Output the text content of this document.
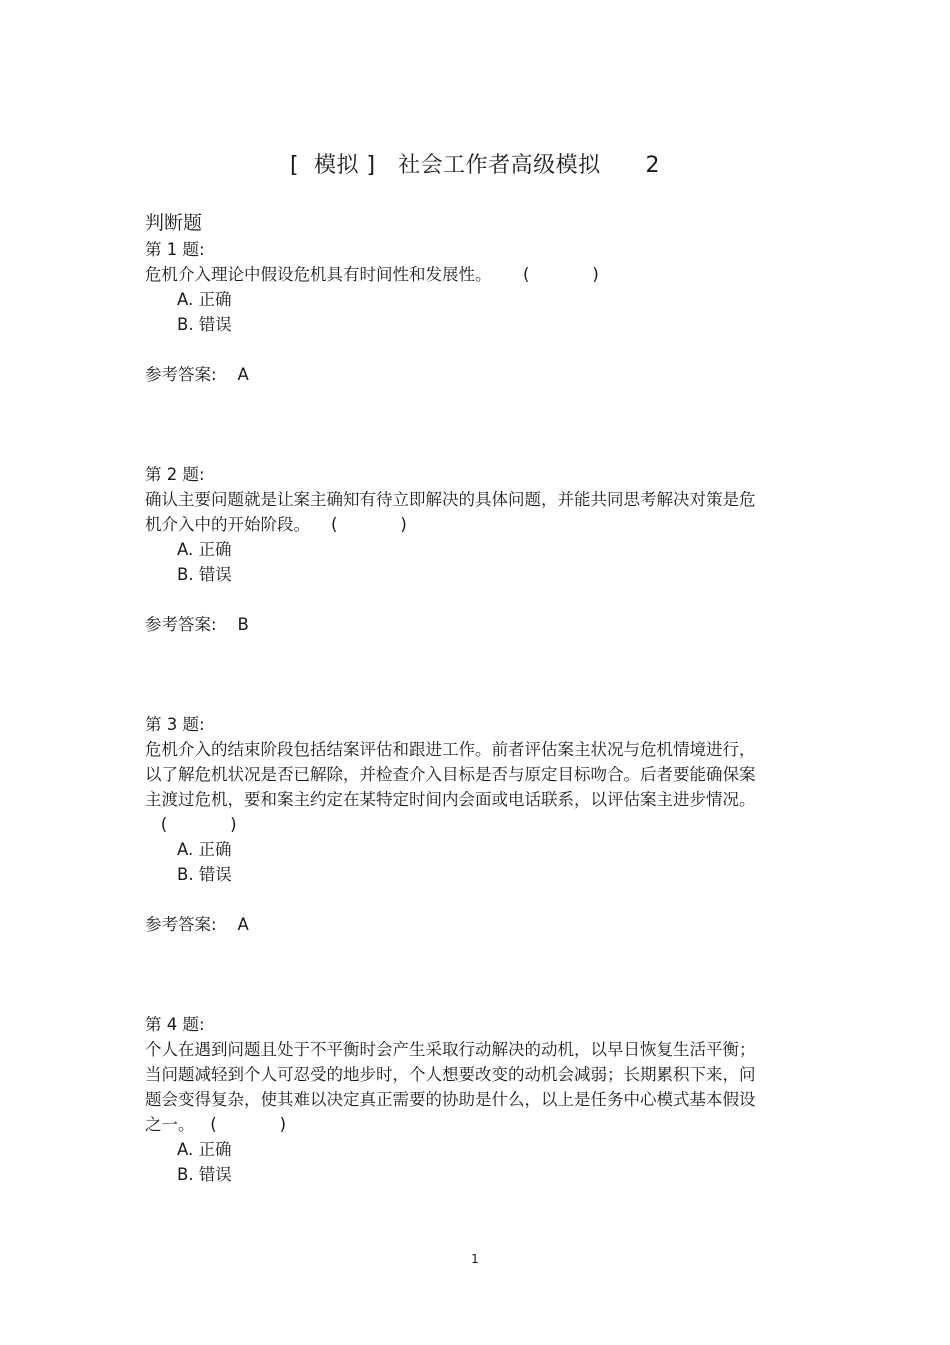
[  模拟 ]   社会工作者高级模拟      2
判断题
第 1 题:
危机介入理论中假设危机具有时间性和发展性。      (            )
A. 正确
B. 错误
参考答案:    A
第 2 题:
确认主要问题就是让案主确知有待立即解决的具体问题，并能共同思考解决对策是危机介入中的开始阶段。    (            )
A. 正确
B. 错误
参考答案:    B
第 3 题:
危机介入的结束阶段包括结案评估和跟进工作。前者评估案主状况与危机情境进行，以了解危机状况是否已解除，并检查介入目标是否与原定目标吻合。后者要能确保案主渡过危机，要和案主约定在某特定时间内会面或电话联系，以评估案主进步情况。   (            )
A. 正确
B. 错误
参考答案:    A
第 4 题:
个人在遇到问题且处于不平衡时会产生采取行动解决的动机，以早日恢复生活平衡；当问题减轻到个人可忍受的地步时，个人想要改变的动机会减弱；长期累积下来，问题会变得复杂，使其难以决定真正需要的协助是什么，以上是任务中心模式基本假设之一。   (            )
A. 正确
B. 错误
1
